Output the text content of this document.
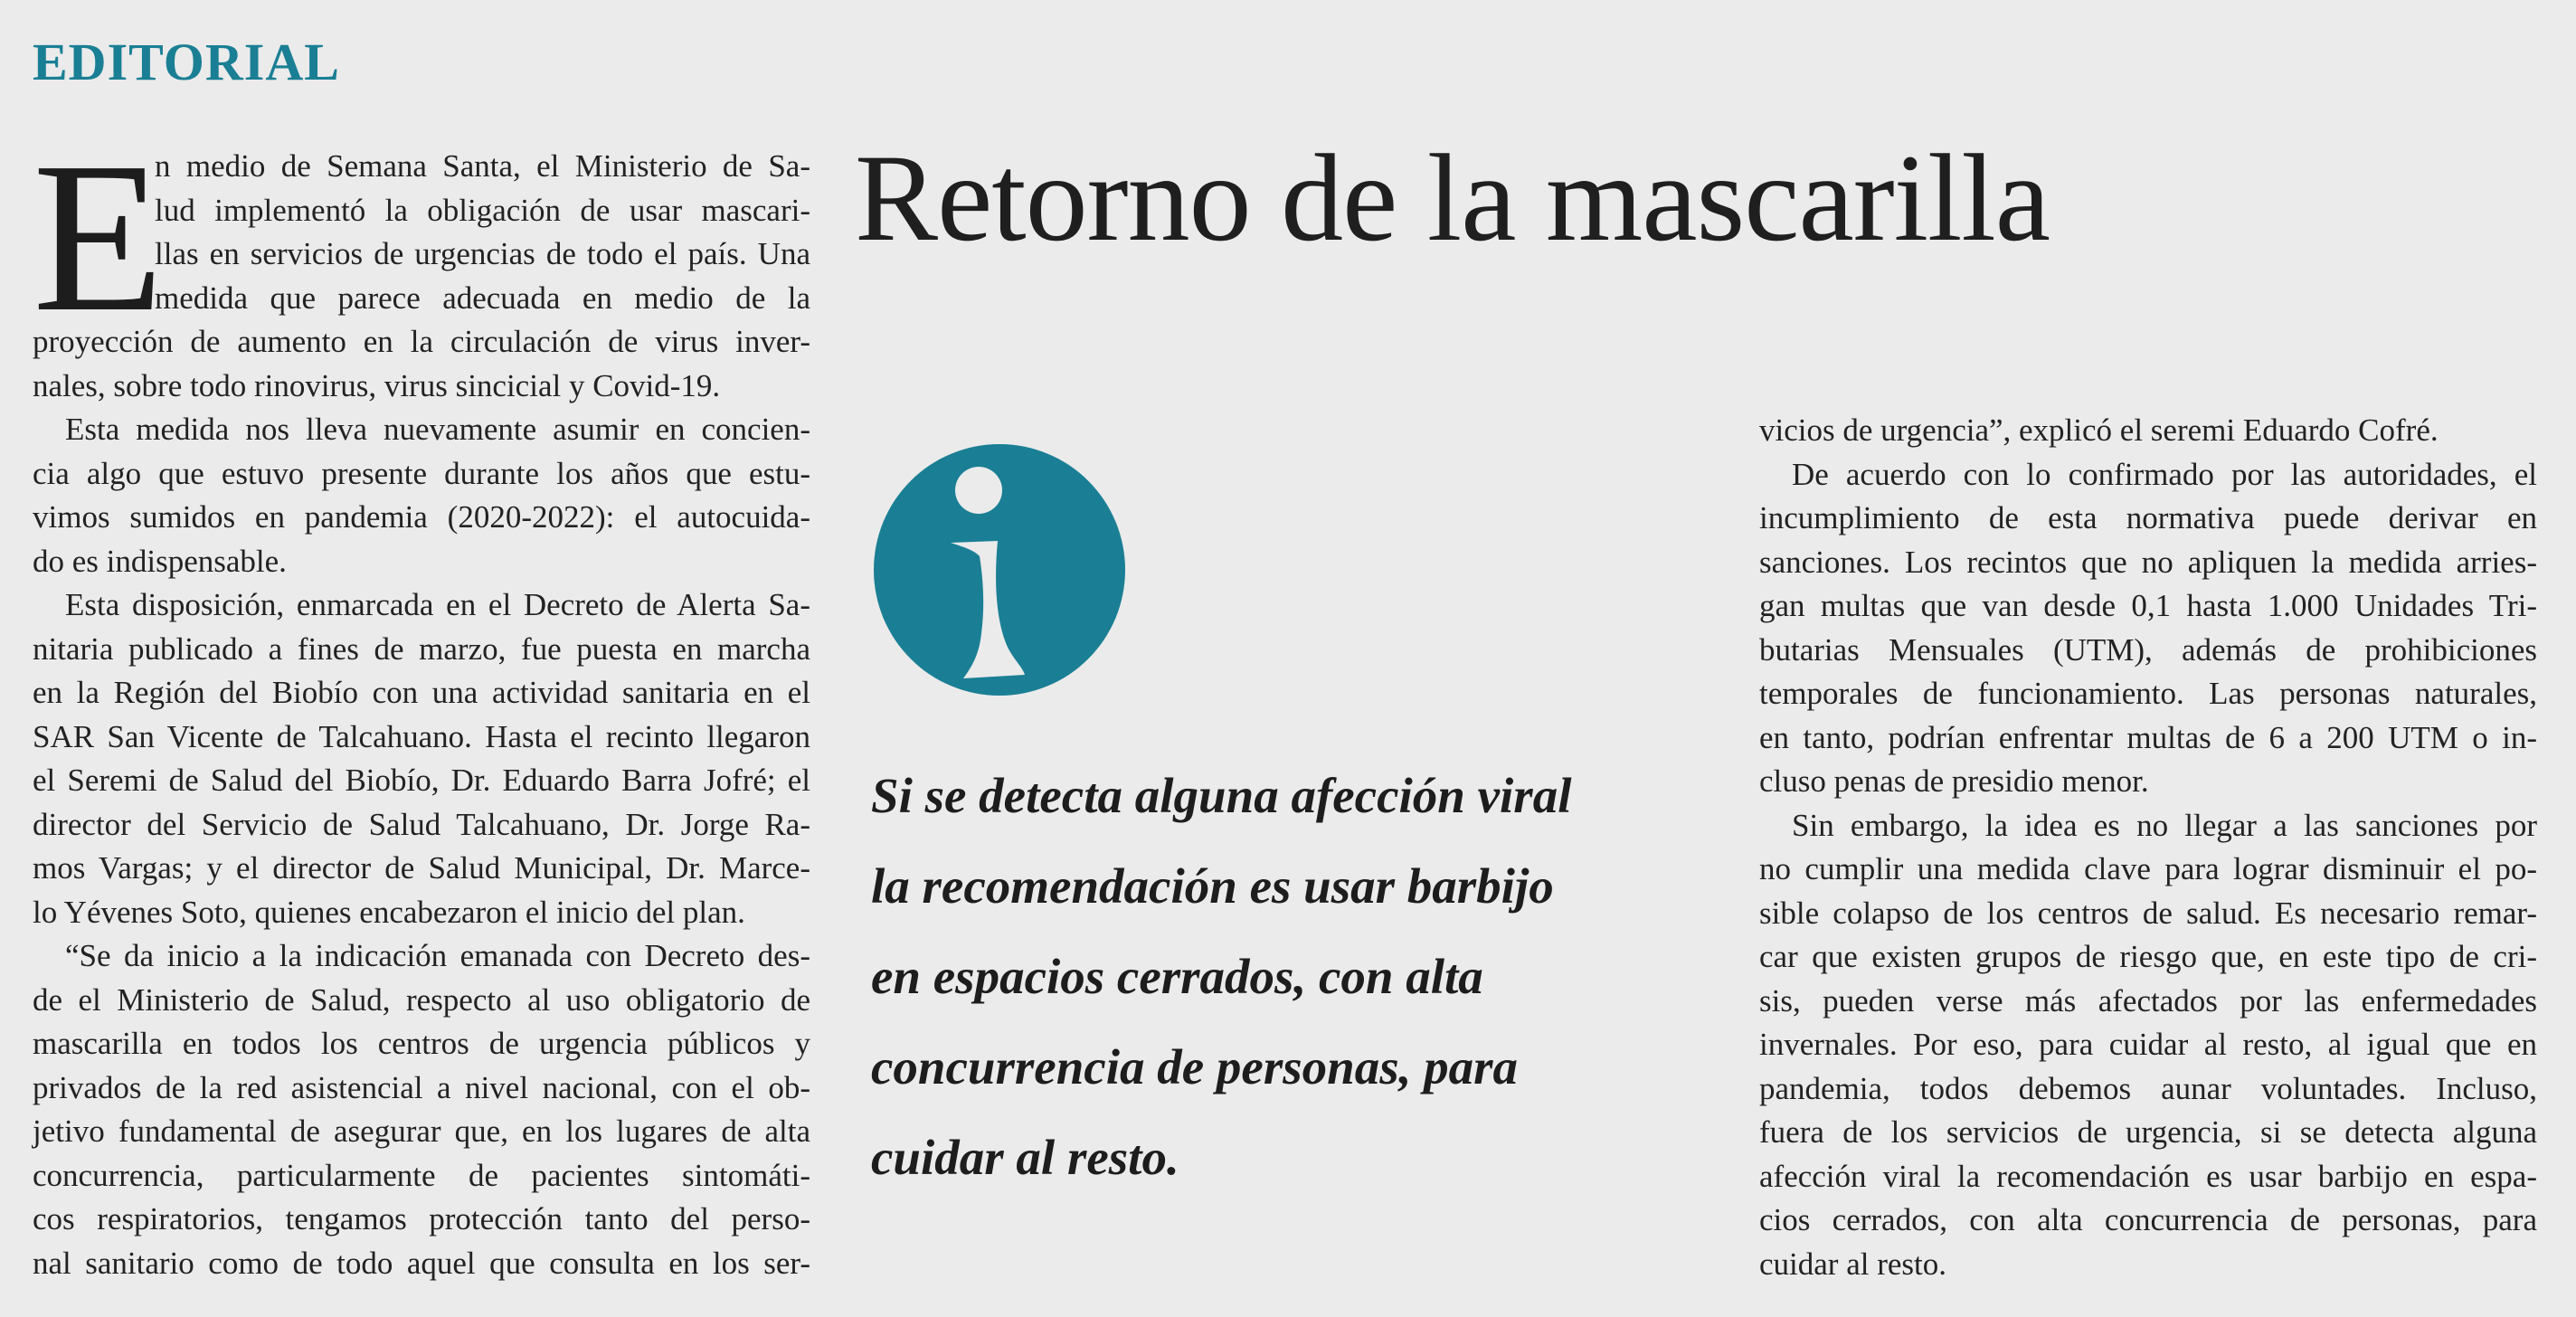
EDITORIAL
Retorno de la mascarilla
E
n medio de Semana Santa, el Ministerio de Sa-
lud implementó la obligación de usar mascari-
llas en servicios de urgencias de todo el país. Una
medida que parece adecuada en medio de la
proyección de aumento en la circulación de virus inver-
nales, sobre todo rinovirus, virus sincicial y Covid-19.
Esta medida nos lleva nuevamente asumir en concien-
cia algo que estuvo presente durante los años que estu-
vimos sumidos en pandemia (2020-2022): el autocuida-
do es indispensable.
Esta disposición, enmarcada en el Decreto de Alerta Sa-
nitaria publicado a fines de marzo, fue puesta en marcha
en la Región del Biobío con una actividad sanitaria en el
SAR San Vicente de Talcahuano. Hasta el recinto llegaron
el Seremi de Salud del Biobío, Dr. Eduardo Barra Jofré; el
director del Servicio de Salud Talcahuano, Dr. Jorge Ra-
mos Vargas; y el director de Salud Municipal, Dr. Marce-
lo Yévenes Soto, quienes encabezaron el inicio del plan.
“Se da inicio a la indicación emanada con Decreto des-
de el Ministerio de Salud, respecto al uso obligatorio de
mascarilla en todos los centros de urgencia públicos y
privados de la red asistencial a nivel nacional, con el ob-
jetivo fundamental de asegurar que, en los lugares de alta
concurrencia, particularmente de pacientes sintomáti-
cos respiratorios, tengamos protección tanto del perso-
nal sanitario como de todo aquel que consulta en los ser-
Si se detecta alguna afección viral
la recomendación es usar barbijo
en espacios cerrados, con alta
concurrencia de personas, para
cuidar al resto.
vicios de urgencia”, explicó el seremi Eduardo Cofré.
De acuerdo con lo confirmado por las autoridades, el
incumplimiento de esta normativa puede derivar en
sanciones. Los recintos que no apliquen la medida arries-
gan multas que van desde 0,1 hasta 1.000 Unidades Tri-
butarias Mensuales (UTM), además de prohibiciones
temporales de funcionamiento. Las personas naturales,
en tanto, podrían enfrentar multas de 6 a 200 UTM o in-
cluso penas de presidio menor.
Sin embargo, la idea es no llegar a las sanciones por
no cumplir una medida clave para lograr disminuir el po-
sible colapso de los centros de salud. Es necesario remar-
car que existen grupos de riesgo que, en este tipo de cri-
sis, pueden verse más afectados por las enfermedades
invernales. Por eso, para cuidar al resto, al igual que en
pandemia, todos debemos aunar voluntades. Incluso,
fuera de los servicios de urgencia, si se detecta alguna
afección viral la recomendación es usar barbijo en espa-
cios cerrados, con alta concurrencia de personas, para
cuidar al resto.
